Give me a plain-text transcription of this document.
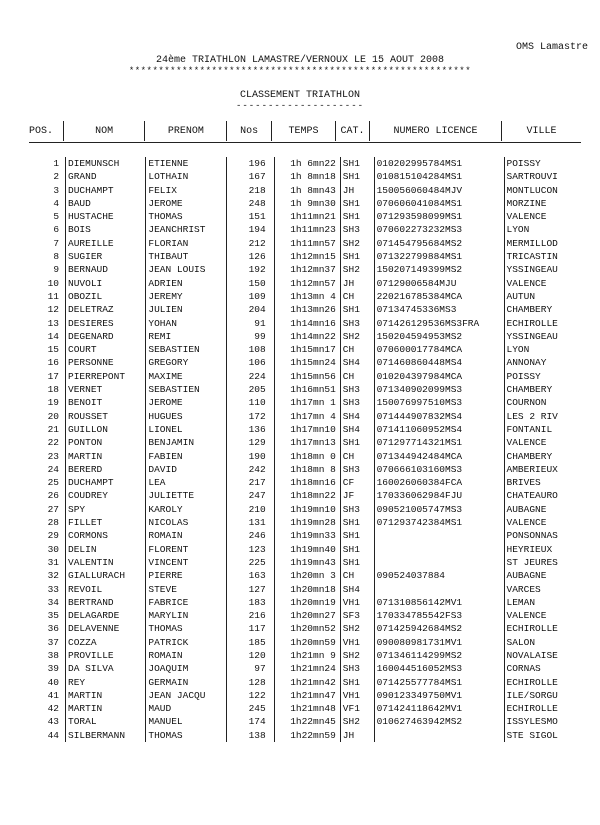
OMS Lamastre
24ème TRIATHLON LAMASTRE/VERNOUX LE 15 AOUT 2008
**********************************************************
CLASSEMENT TRIATHLON
--------------------
POS.	NOM	PRENOM	Nos	TEMPS	CAT.	NUMERO LICENCE	VILLE
1	DIEMUNSCH	ETIENNE	196	1h 6mn22	SH1	010202995784MS1	POISSY
2	GRAND	LOTHAIN	167	1h 8mn18	SH1	010815104284MS1	SARTROUVI
3	DUCHAMPT	FELIX	218	1h 8mn43	JH	150056060484MJV	MONTLUCON
4	BAUD	JEROME	248	1h 9mn30	SH1	070606041084MS1	MORZINE
5	HUSTACHE	THOMAS	151	1h11mn21	SH1	071293598099MS1	VALENCE
6	BOIS	JEANCHRIST	194	1h11mn23	SH3	070602273232MS3	LYON
7	AUREILLE	FLORIAN	212	1h11mn57	SH2	071454795684MS2	MERMILLOD
8	SUGIER	THIBAUT	126	1h12mn15	SH1	071322799884MS1	TRICASTIN
9	BERNAUD	JEAN LOUIS	192	1h12mn37	SH2	150207149399MS2	YSSINGEAU
10	NUVOLI	ADRIEN	150	1h12mn57	JH	07129006584MJU	VALENCE
11	OBOZIL	JEREMY	109	1h13mn 4	CH	220216785384MCA	AUTUN
12	DELETRAZ	JULIEN	204	1h13mn26	SH1	07134745336MS3	CHAMBERY
13	DESIERES	YOHAN	91	1h14mn16	SH3	071426129536MS3FRA	ECHIROLLE
14	DEGENARD	REMI	99	1h14mn22	SH2	150204594953MS2	YSSINGEAU
15	COURT	SEBASTIEN	108	1h15mn17	CH	070600017784MCA	LYON
16	PERSONNE	GREGORY	106	1h15mn24	SH4	071460860448MS4	ANNONAY
17	PIERREPONT	MAXIME	224	1h15mn56	CH	010204397984MCA	POISSY
18	VERNET	SEBASTIEN	205	1h16mn51	SH3	071340902099MS3	CHAMBERY
19	BENOIT	JEROME	110	1h17mn 1	SH3	150076997510MS3	COURNON
20	ROUSSET	HUGUES	172	1h17mn 4	SH4	071444907832MS4	LES 2 RIV
21	GUILLON	LIONEL	136	1h17mn10	SH4	071411060952MS4	FONTANIL
22	PONTON	BENJAMIN	129	1h17mn13	SH1	071297714321MS1	VALENCE
23	MARTIN	FABIEN	190	1h18mn 0	CH	071344942484MCA	CHAMBERY
24	BERERD	DAVID	242	1h18mn 8	SH3	070666103160MS3	AMBERIEUX
25	DUCHAMPT	LEA	217	1h18mn16	CF	160026060384FCA	BRIVES
26	COUDREY	JULIETTE	247	1h18mn22	JF	170336062984FJU	CHATEAURO
27	SPY	KAROLY	210	1h19mn10	SH3	090521005747MS3	AUBAGNE
28	FILLET	NICOLAS	131	1h19mn28	SH1	071293742384MS1	VALENCE
29	CORMONS	ROMAIN	246	1h19mn33	SH1		PONSONNAS
30	DELIN	FLORENT	123	1h19mn40	SH1		HEYRIEUX
31	VALENTIN	VINCENT	225	1h19mn43	SH1		ST JEURES
32	GIALLURACH	PIERRE	163	1h20mn 3	CH	090524037884	AUBAGNE
33	REVOIL	STEVE	127	1h20mn18	SH4		VARCES
34	BERTRAND	FABRICE	183	1h20mn19	VH1	071310856142MV1	LEMAN
35	DELAGARDE	MARYLIN	216	1h20mn27	SF3	170334785542FS3	VALENCE
36	DELAVENNE	THOMAS	117	1h20mn52	SH2	071425942684MS2	ECHIROLLE
37	COZZA	PATRICK	185	1h20mn59	VH1	090080981731MV1	SALON
38	PROVILLE	ROMAIN	120	1h21mn 9	SH2	071346114299MS2	NOVALAISE
39	DA SILVA	JOAQUIM	97	1h21mn24	SH3	160044516052MS3	CORNAS
40	REY	GERMAIN	128	1h21mn42	SH1	071425577784MS1	ECHIROLLE
41	MARTIN	JEAN JACQU	122	1h21mn47	VH1	090123349750MV1	ILE/SORGU
42	MARTIN	MAUD	245	1h21mn48	VF1	071424118642MV1	ECHIROLLE
43	TORAL	MANUEL	174	1h22mn45	SH2	010627463942MS2	ISSYLESMO
44	SILBERMANN	THOMAS	138	1h22mn59	JH		STE SIGOL
